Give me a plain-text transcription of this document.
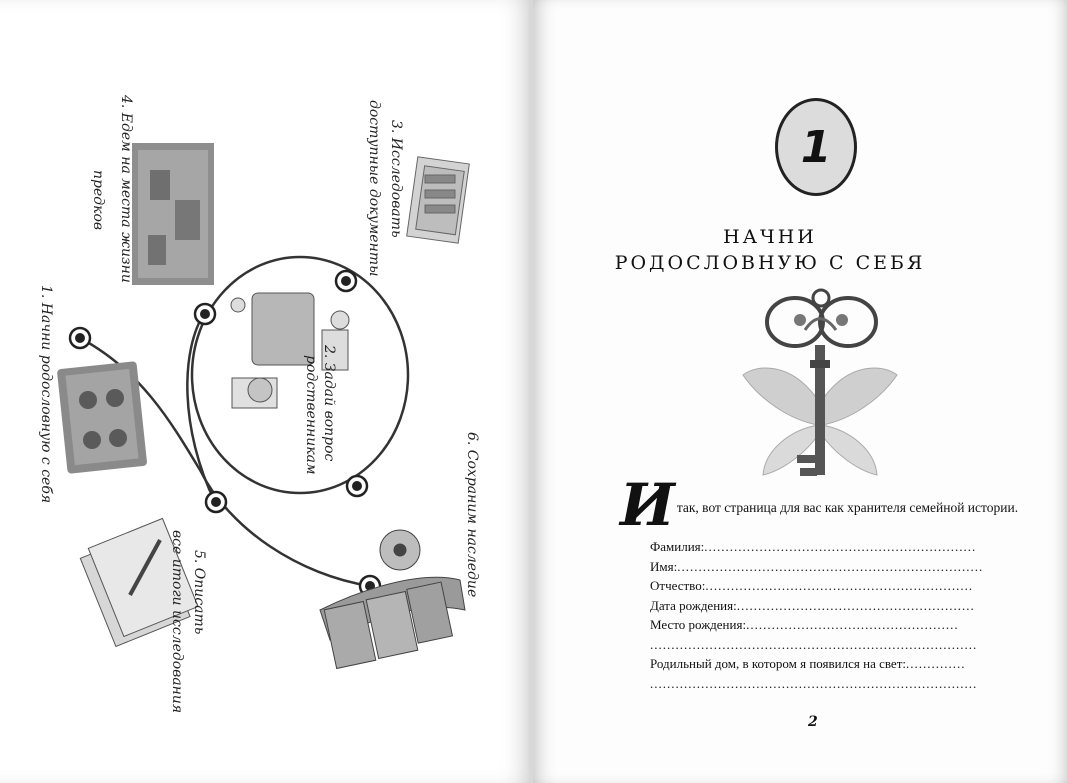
1. Начни родословную с себя	2. Задай вопрос
родственникам
3. Исследовать
доступные документы
4. Едем на места жизни
предков
5. Описать
все итоги исследования
6. Сохраним наследие
1
НАЧНИ
РОДОСЛОВНУЮ С СЕБЯ
И так, вот страница для вас как хранителя семейной истории.
Фамилия:................................................................
Имя:........................................................................
Отчество:...............................................................
Дата рождения:........................................................
Место рождения:..................................................
.............................................................................
Родильный дом, в котором я появился на свет:..............
.............................................................................
2
